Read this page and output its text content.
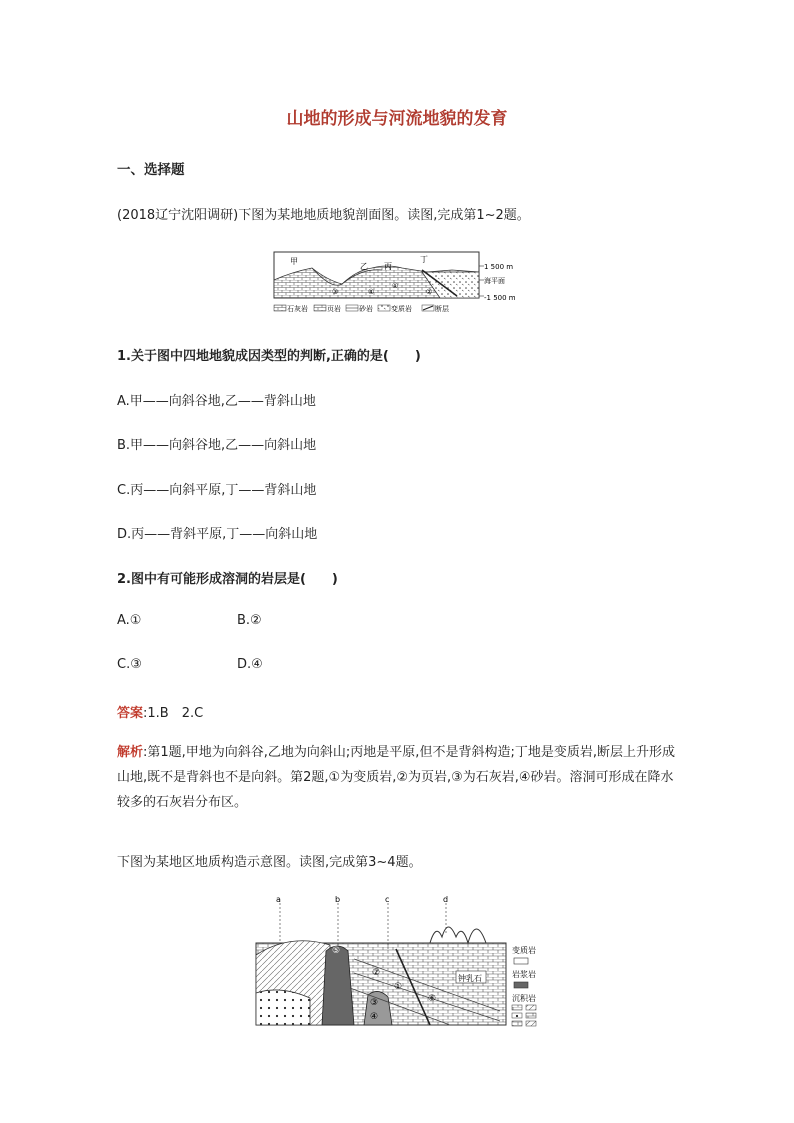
山地的形成与河流地貌的发育
一、选择题
(2018辽宁沈阳调研)下图为某地地质地貌剖面图。读图,完成第1~2题。
甲
乙 丙
丁
①
②
③	④
1 500 m
海平面
-1 500 m
石灰岩	页岩	砂岩	变质岩	断层
1.关于图中四地地貌成因类型的判断,正确的是(　　)
A.甲——向斜谷地,乙——背斜山地
B.甲——向斜谷地,乙——向斜山地
C.丙——向斜平原,丁——背斜山地
D.丙——背斜平原,丁——向斜山地
2.图中有可能形成溶洞的岩层是(　　)
A.①	B.②
C.③	D.④
答案:1.B　2.C
解析:第1题,甲地为向斜谷,乙地为向斜山;丙地是平原,但不是背斜构造;丁地是变质岩,断层上升形成山地,既不是背斜也不是向斜。第2题,①为变质岩,②为页岩,③为石灰岩,④砂岩。溶洞可形成在降水较多的石灰岩分布区。
下图为某地区地质构造示意图。读图,完成第3~4题。
a	b	c	d
⑤
②
①
③
④
⑥
钟乳石
变质岩
岩浆岩
沉积岩
